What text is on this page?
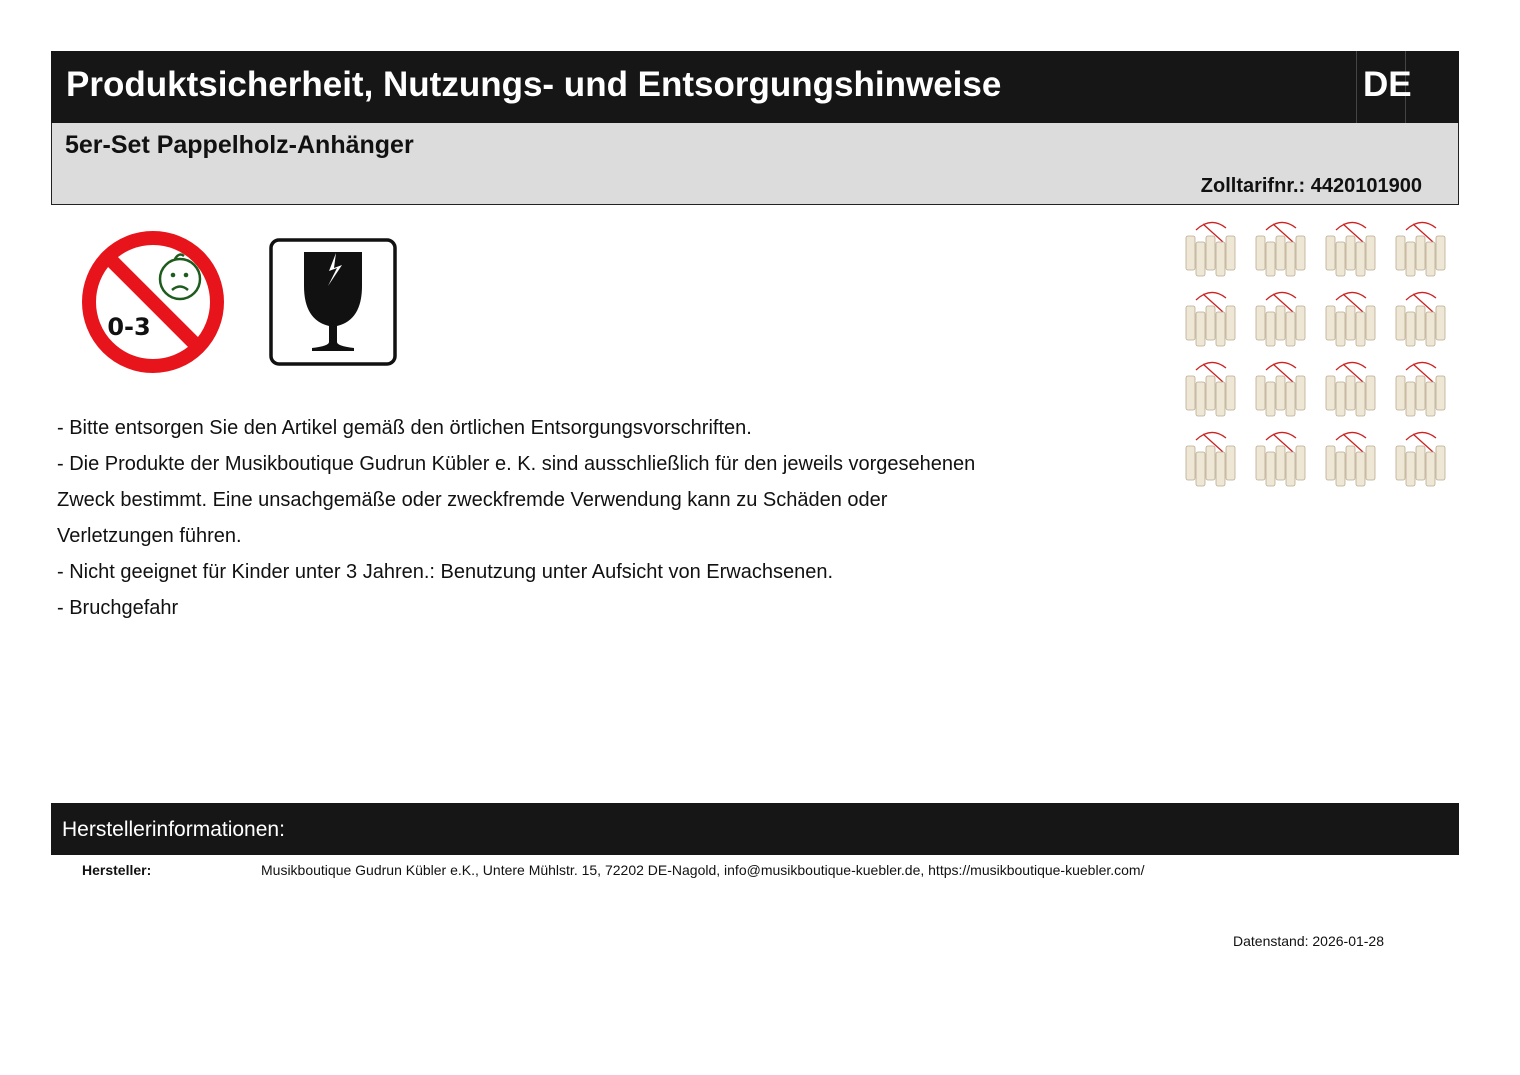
Produktsicherheit, Nutzungs- und Entsorgungshinweise	DE
5er-Set Pappelholz-Anhänger
Zolltarifnr.: 4420101900
0-3

- Bitte entsorgen Sie den Artikel gemäß den örtlichen Entsorgungsvorschriften.

- Die Produkte der Musikboutique Gudrun Kübler e. K. sind ausschließlich für den jeweils vorgesehenen
Zweck bestimmt. Eine unsachgemäße oder zweckfremde Verwendung kann zu Schäden oder
Verletzungen führen.

- Nicht geeignet für Kinder unter 3 Jahren.: Benutzung unter Aufsicht von Erwachsenen.

- Bruchgefahr

Herstellerinformationen:
Hersteller:	Musikboutique Gudrun Kübler e.K., Untere Mühlstr. 15, 72202 DE-Nagold, info@musikboutique-kuebler.de, https://musikboutique-kuebler.com/
Datenstand: 2026-01-28
